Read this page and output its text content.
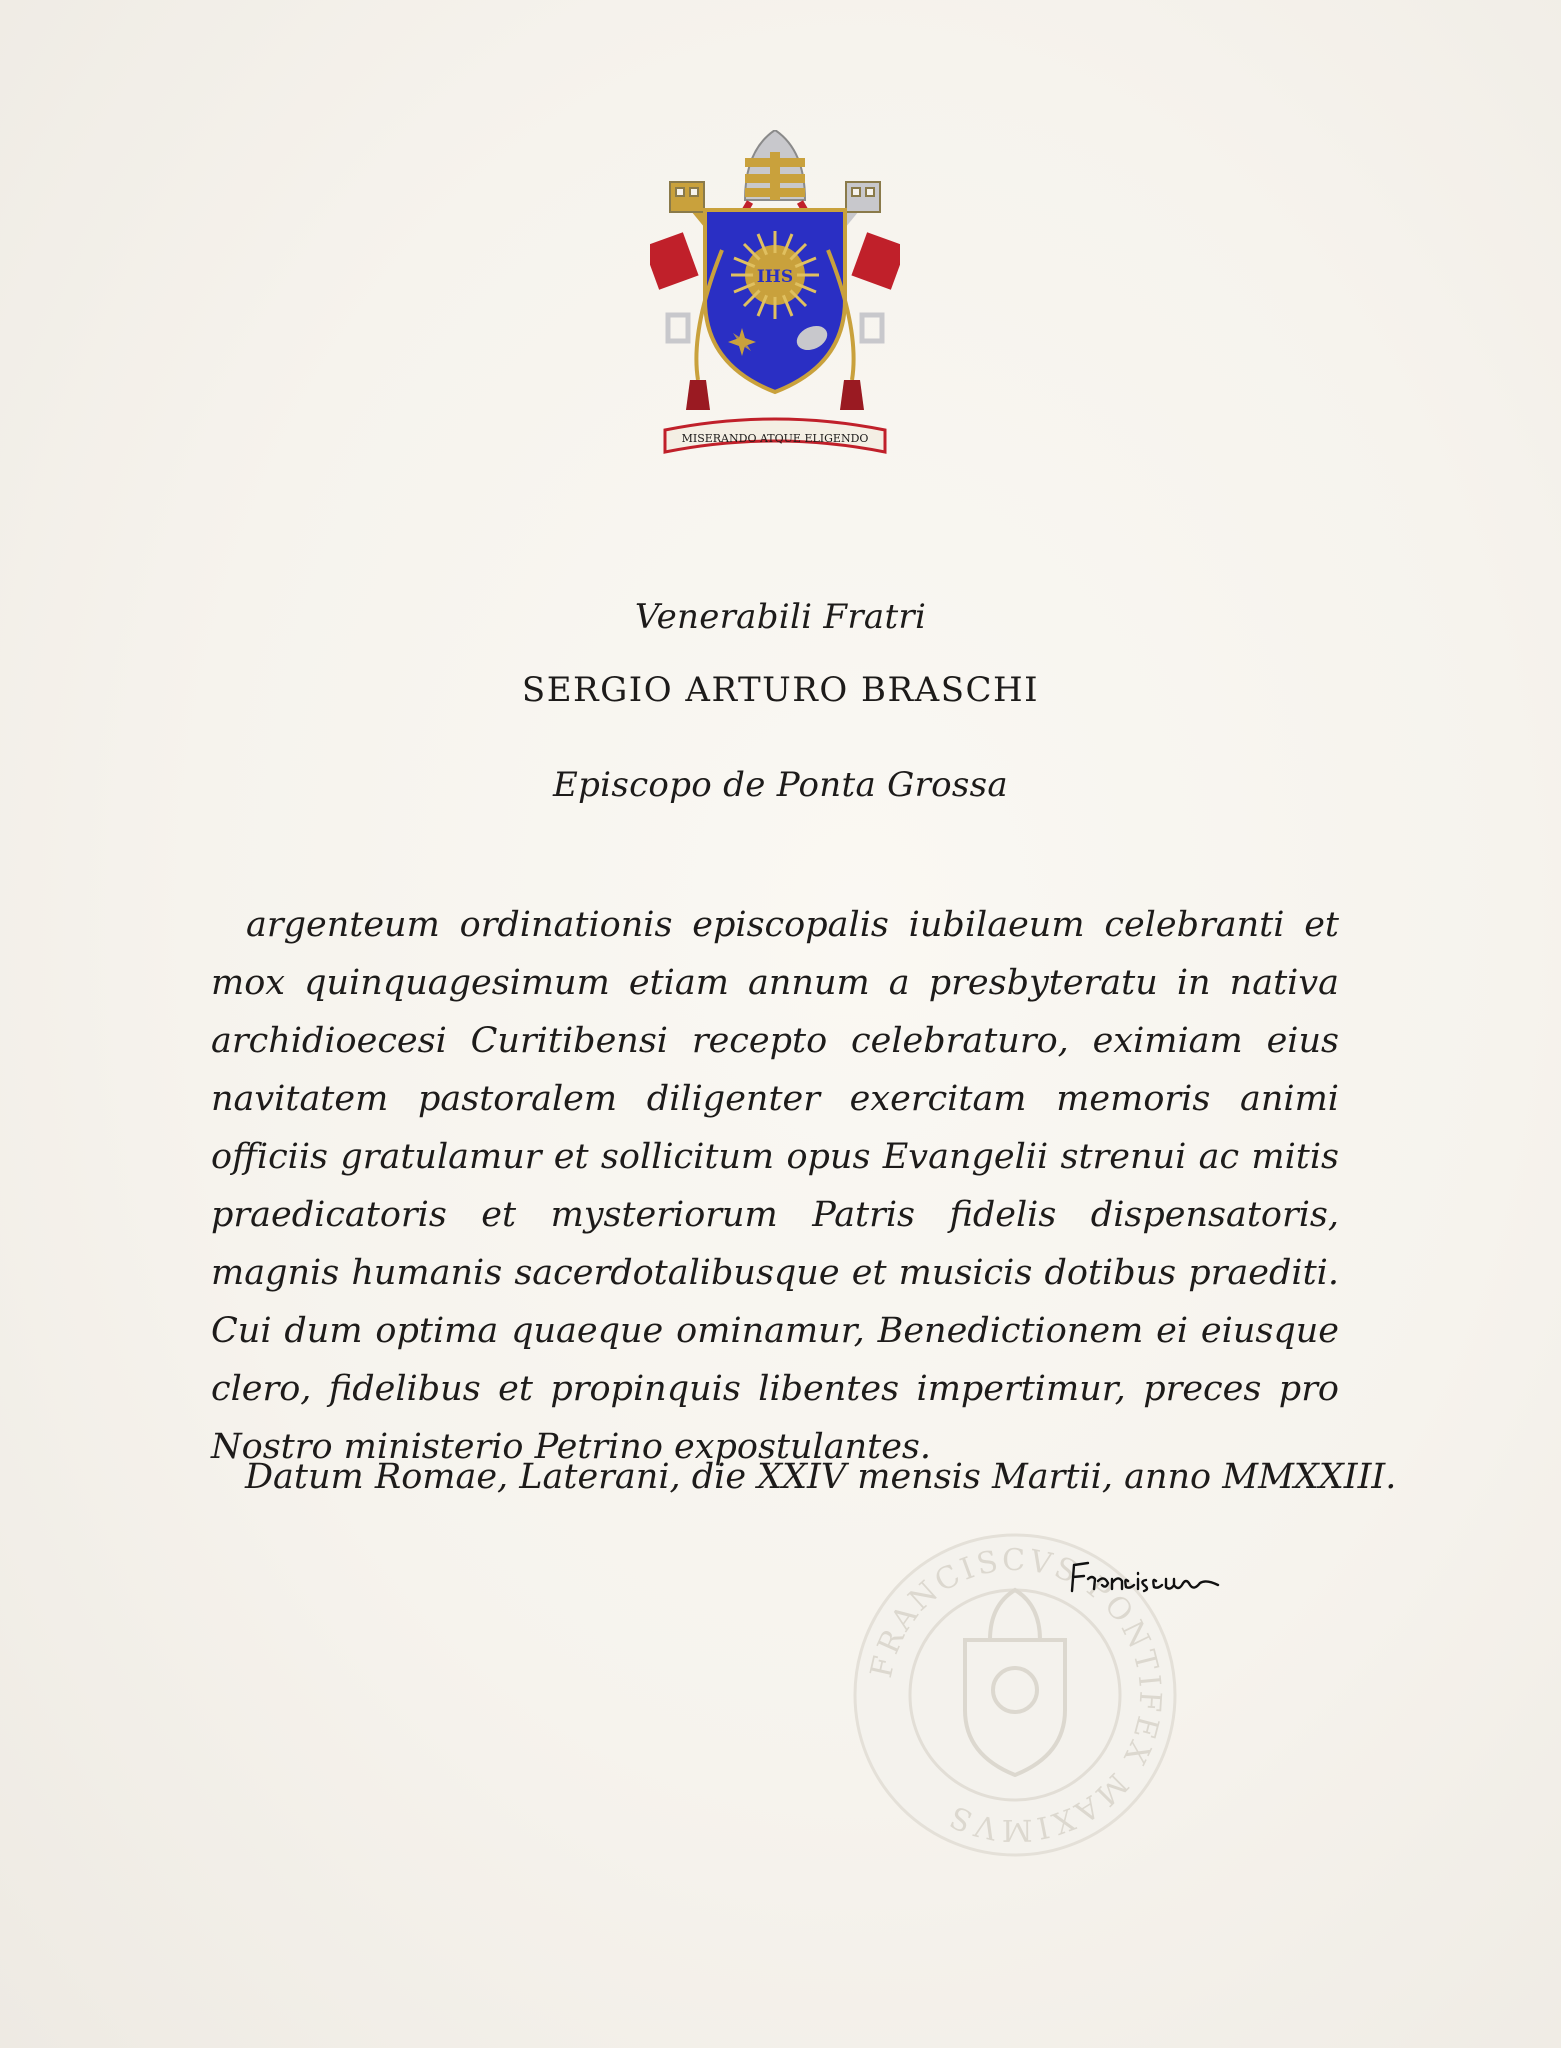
IHS
MISERANDO ATQUE ELIGENDO
Venerabili Fratri
SERGIO ARTURO BRASCHI
Episcopo de Ponta Grossa

argenteum ordinationis episcopalis iubilaeum celebranti et mox quinquagesimum etiam annum a presbyteratu in nativa archidioecesi Curitibensi recepto celebraturo, eximiam eius navitatem pastoralem diligenter exercitam memoris animi officiis gratulamur et sollicitum opus Evangelii strenui ac mitis praedicatoris et mysteriorum Patris fidelis dispensatoris, magnis humanis sacerdotalibusque et musicis dotibus praediti. Cui dum optima quaeque ominamur, Benedictionem ei eiusque clero, fidelibus et propinquis libentes impertimur, preces pro Nostro ministerio Petrino expostulantes.

Datum Romae, Laterani, die XXIV mensis Martii, anno MMXXIII.
FRANCISCVS PONTIFEX MAXIMVS
